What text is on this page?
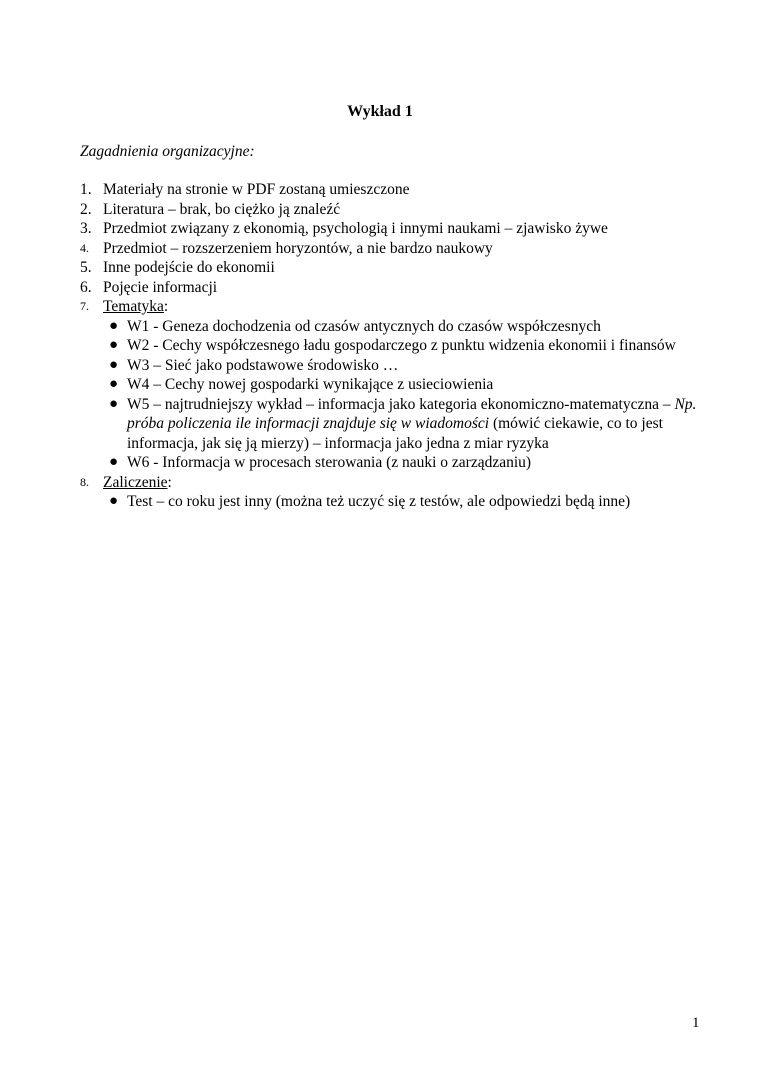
Wykład 1
Zagadnienia organizacyjne:
1. Materiały na stronie w PDF zostaną umieszczone
2. Literatura – brak, bo ciężko ją znaleźć
3. Przedmiot związany z ekonomią, psychologią i innymi naukami – zjawisko żywe
4. Przedmiot – rozszerzeniem horyzontów, a nie bardzo naukowy
5. Inne podejście do ekonomii
6. Pojęcie informacji
7. Tematyka:
● W1 - Geneza dochodzenia od czasów antycznych do czasów współczesnych
● W2 - Cechy współczesnego ładu gospodarczego z punktu widzenia ekonomii i finansów
● W3 – Sieć jako podstawowe środowisko …
● W4 – Cechy nowej gospodarki wynikające z usieciowienia
● W5 – najtrudniejszy wykład – informacja jako kategoria ekonomiczno-matematyczna – Np. próba policzenia ile informacji znajduje się w wiadomości (mówić ciekawie, co to jest informacja, jak się ją mierzy) – informacja jako jedna z miar ryzyka
● W6 - Informacja w procesach sterowania (z nauki o zarządzaniu)
8. Zaliczenie:
● Test – co roku jest inny (można też uczyć się z testów, ale odpowiedzi będą inne)
1
